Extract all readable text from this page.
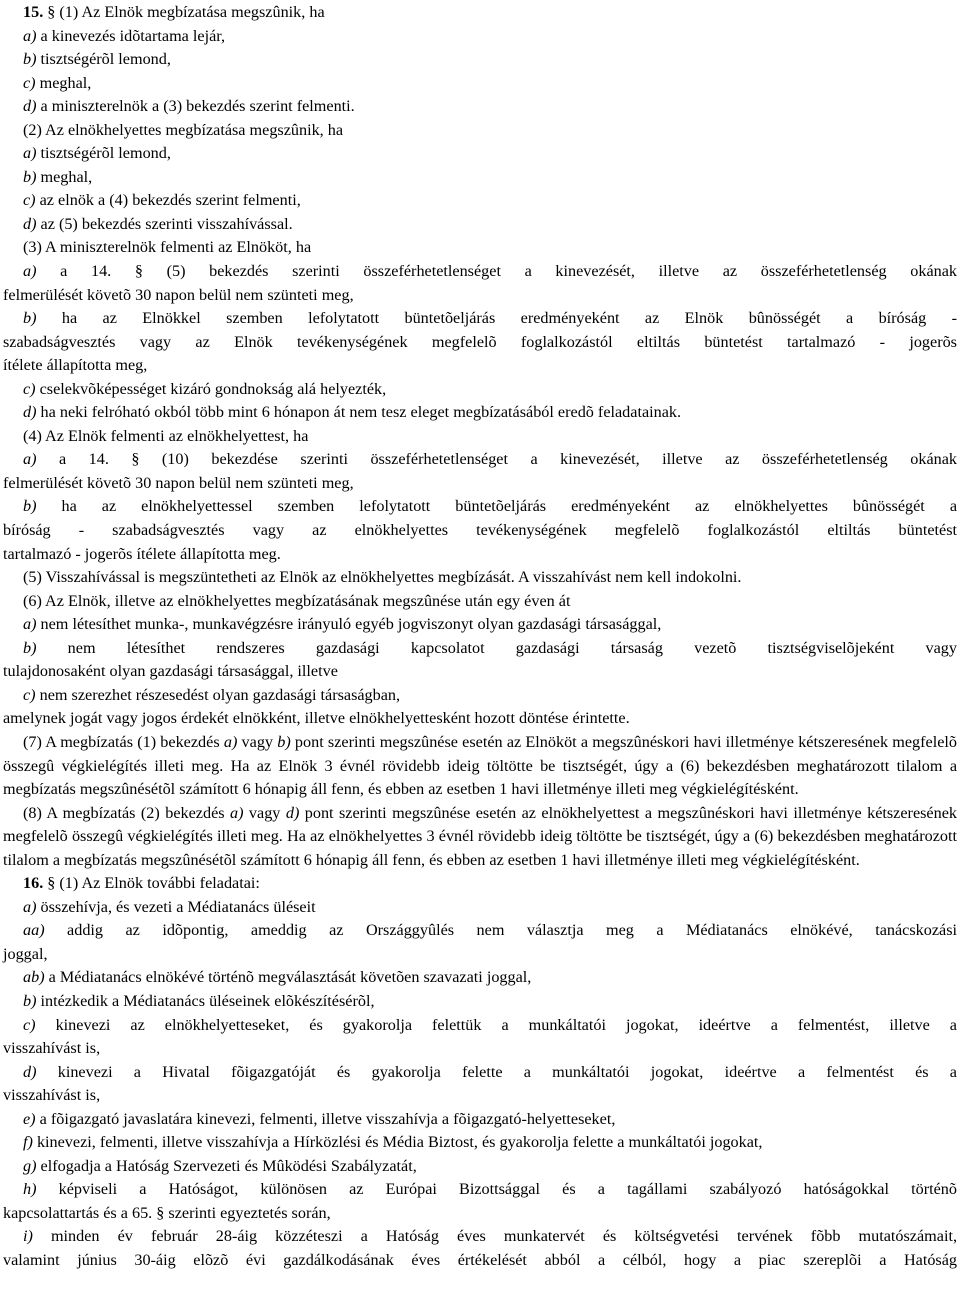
15. § (1) Az Elnök megbízatása megszûnik, ha
a) a kinevezés idõtartama lejár,
b) tisztségérõl lemond,
c) meghal,
d) a miniszterelnök a (3) bekezdés szerint felmenti.
(2) Az elnökhelyettes megbízatása megszûnik, ha
a) tisztségérõl lemond,
b) meghal,
c) az elnök a (4) bekezdés szerint felmenti,
d) az (5) bekezdés szerinti visszahívással.
(3) A miniszterelnök felmenti az Elnököt, ha
a) a 14. § (5) bekezdés szerinti összeférhetetlenséget a kinevezését, illetve az összeférhetetlenség okának
felmerülését követõ 30 napon belül nem szünteti meg,
b) ha az Elnökkel szemben lefolytatott büntetõeljárás eredményeként az Elnök bûnösségét a bíróság -
szabadságvesztés vagy az Elnök tevékenységének megfelelõ foglalkozástól eltiltás büntetést tartalmazó - jogerõs
ítélete állapította meg,
c) cselekvõképességet kizáró gondnokság alá helyezték,
d) ha neki felróható okból több mint 6 hónapon át nem tesz eleget megbízatásából eredõ feladatainak.
(4) Az Elnök felmenti az elnökhelyettest, ha
a) a 14. § (10) bekezdése szerinti összeférhetetlenséget a kinevezését, illetve az összeférhetetlenség okának
felmerülését követõ 30 napon belül nem szünteti meg,
b) ha az elnökhelyettessel szemben lefolytatott büntetõeljárás eredményeként az elnökhelyettes bûnösségét a
bíróság - szabadságvesztés vagy az elnökhelyettes tevékenységének megfelelõ foglalkozástól eltiltás büntetést
tartalmazó - jogerõs ítélete állapította meg.
(5) Visszahívással is megszüntetheti az Elnök az elnökhelyettes megbízását. A visszahívást nem kell indokolni.
(6) Az Elnök, illetve az elnökhelyettes megbízatásának megszûnése után egy éven át
a) nem létesíthet munka-, munkavégzésre irányuló egyéb jogviszonyt olyan gazdasági társasággal,
b) nem létesíthet rendszeres gazdasági kapcsolatot gazdasági társaság vezetõ tisztségviselõjeként vagy
tulajdonosaként olyan gazdasági társasággal, illetve
c) nem szerezhet részesedést olyan gazdasági társaságban,
amelynek jogát vagy jogos érdekét elnökként, illetve elnökhelyettesként hozott döntése érintette.
(7) A megbízatás (1) bekezdés a) vagy b) pont szerinti megszûnése esetén az Elnököt a megszûnéskori havi illetménye kétszeresének megfelelõ összegû végkielégítés illeti meg. Ha az Elnök 3 évnél rövidebb ideig töltötte be tisztségét, úgy a (6) bekezdésben meghatározott tilalom a megbízatás megszûnésétõl számított 6 hónapig áll fenn, és ebben az esetben 1 havi illetménye illeti meg végkielégítésként.
(8) A megbízatás (2) bekezdés a) vagy d) pont szerinti megszûnése esetén az elnökhelyettest a megszûnéskori havi illetménye kétszeresének megfelelõ összegû végkielégítés illeti meg. Ha az elnökhelyettes 3 évnél rövidebb ideig töltötte be tisztségét, úgy a (6) bekezdésben meghatározott tilalom a megbízatás megszûnésétõl számított 6 hónapig áll fenn, és ebben az esetben 1 havi illetménye illeti meg végkielégítésként.
16. § (1) Az Elnök további feladatai:
a) összehívja, és vezeti a Médiatanács üléseit
aa) addig az idõpontig, ameddig az Országgyûlés nem választja meg a Médiatanács elnökévé, tanácskozási
joggal,
ab) a Médiatanács elnökévé történõ megválasztását követõen szavazati joggal,
b) intézkedik a Médiatanács üléseinek elõkészítésérõl,
c) kinevezi az elnökhelyetteseket, és gyakorolja felettük a munkáltatói jogokat, ideértve a felmentést, illetve a
visszahívást is,
d) kinevezi a Hivatal fõigazgatóját és gyakorolja felette a munkáltatói jogokat, ideértve a felmentést és a
visszahívást is,
e) a fõigazgató javaslatára kinevezi, felmenti, illetve visszahívja a fõigazgató-helyetteseket,
f) kinevezi, felmenti, illetve visszahívja a Hírközlési és Média Biztost, és gyakorolja felette a munkáltatói jogokat,
g) elfogadja a Hatóság Szervezeti és Mûködési Szabályzatát,
h) képviseli a Hatóságot, különösen az Európai Bizottsággal és a tagállami szabályozó hatóságokkal történõ
kapcsolattartás és a 65. § szerinti egyeztetés során,
i) minden év február 28-áig közzéteszi a Hatóság éves munkatervét és költségvetési tervének fõbb mutatószámait,
valamint június 30-áig elõzõ évi gazdálkodásának éves értékelését abból a célból, hogy a piac szereplõi a Hatóság
